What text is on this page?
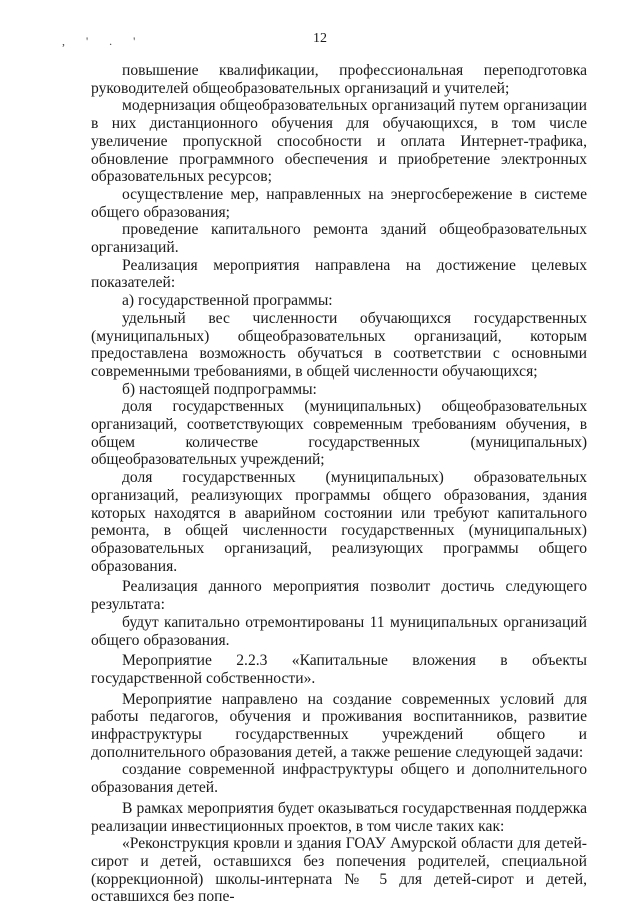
12
, ' . '

повышение квалификации, профессиональная переподготовка руководителей общеобразовательных организаций и учителей;

модернизация общеобразовательных организаций путем организации в них дистанционного обучения для обучающихся, в том числе увеличение пропускной способности и оплата Интернет-трафика, обновление программного обеспечения и приобретение электронных образовательных ресурсов;

осуществление мер, направленных на энергосбережение в системе общего образования;

проведение капитального ремонта зданий общеобразовательных организаций.

Реализация мероприятия направлена на достижение целевых показателей:

а) государственной программы:

удельный вес численности обучающихся государственных (муниципальных) общеобразовательных организаций, которым предоставлена возможность обучаться в соответствии с основными современными требованиями, в общей численности обучающихся;

б) настоящей подпрограммы:

доля государственных (муниципальных) общеобразовательных организаций, соответствующих современным требованиям обучения, в общем количестве государственных (муниципальных) общеобразовательных учреждений;

доля государственных (муниципальных) образовательных организаций, реализующих программы общего образования, здания которых находятся в аварийном состоянии или требуют капитального ремонта, в общей численности государственных (муниципальных) образовательных организаций, реализующих программы общего образования.

Реализация данного мероприятия позволит достичь следующего результата:

будут капитально отремонтированы 11 муниципальных организаций общего образования.

Мероприятие 2.2.3 «Капитальные вложения в объекты государственной собственности».

Мероприятие направлено на создание современных условий для работы педагогов, обучения и проживания воспитанников, развитие инфраструктуры государственных учреждений общего и дополнительного образования детей, а также решение следующей задачи:

создание современной инфраструктуры общего и дополнительного образования детей.

В рамках мероприятия будет оказываться государственная поддержка реализации инвестиционных проектов, в том числе таких как:

«Реконструкция кровли и здания ГОАУ Амурской области для детей-сирот и детей, оставшихся без попечения родителей, специальной (коррекционной) школы-интерната № 5 для детей-сирот и детей, оставшихся без попе-
